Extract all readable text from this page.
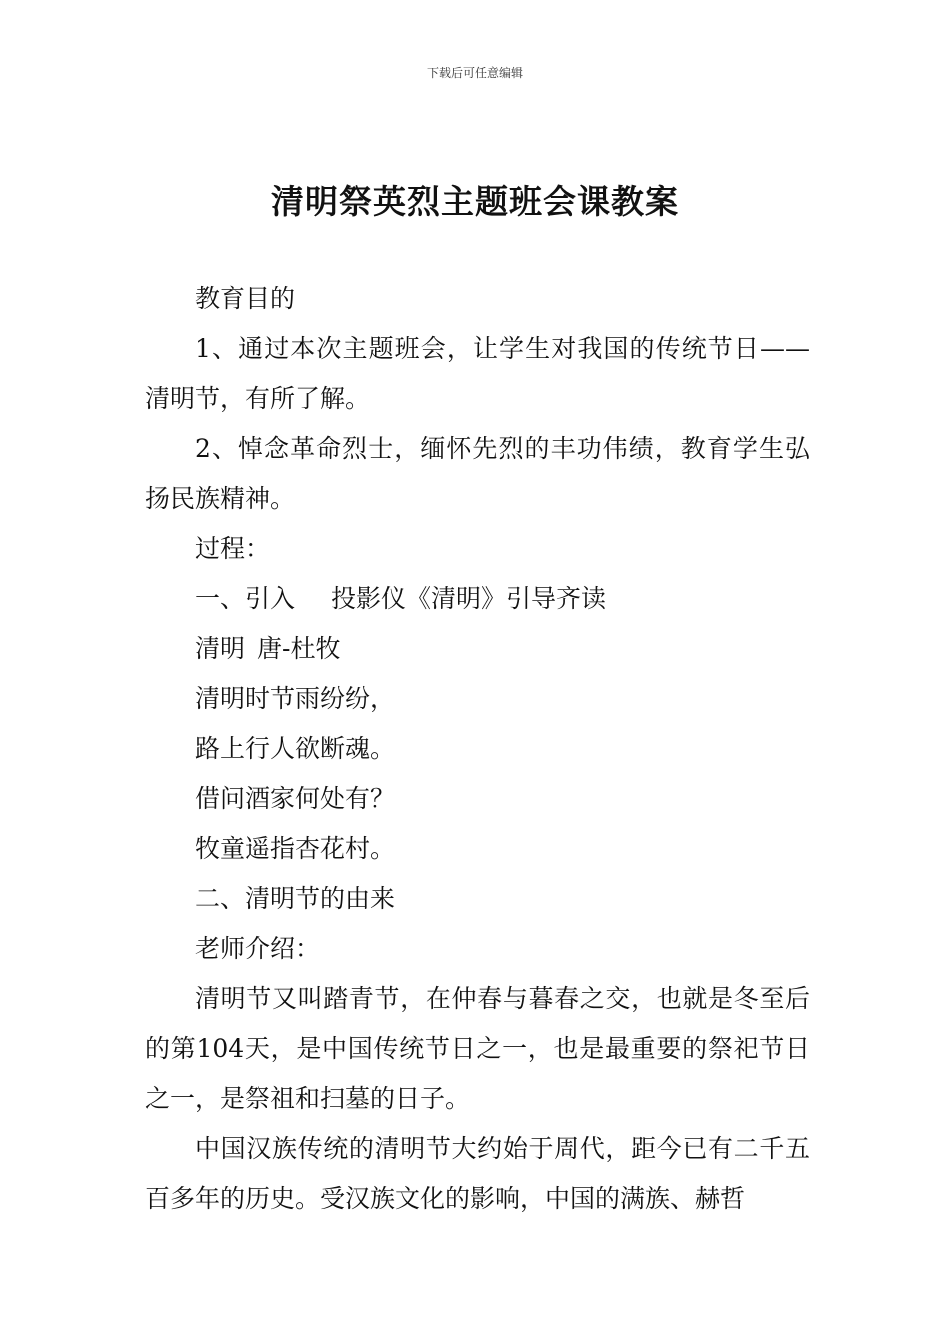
下载后可任意编辑
清明祭英烈主题班会课教案

教育目的

1、通过本次主题班会，让学生对我国的传统节日——清明节，有所了解。

2、悼念革命烈士，缅怀先烈的丰功伟绩，教育学生弘扬民族精神。

过程：

一、引入 投影仪《清明》引导齐读

清明 唐-杜牧

清明时节雨纷纷，

路上行人欲断魂。

借问酒家何处有？

牧童遥指杏花村。

二、清明节的由来

老师介绍：

清明节又叫踏青节，在仲春与暮春之交，也就是冬至后的第104天，是中国传统节日之一，也是最重要的祭祀节日之一，是祭祖和扫墓的日子。

中国汉族传统的清明节大约始于周代，距今已有二千五百多年的历史。受汉族文化的影响，中国的满族、赫哲
